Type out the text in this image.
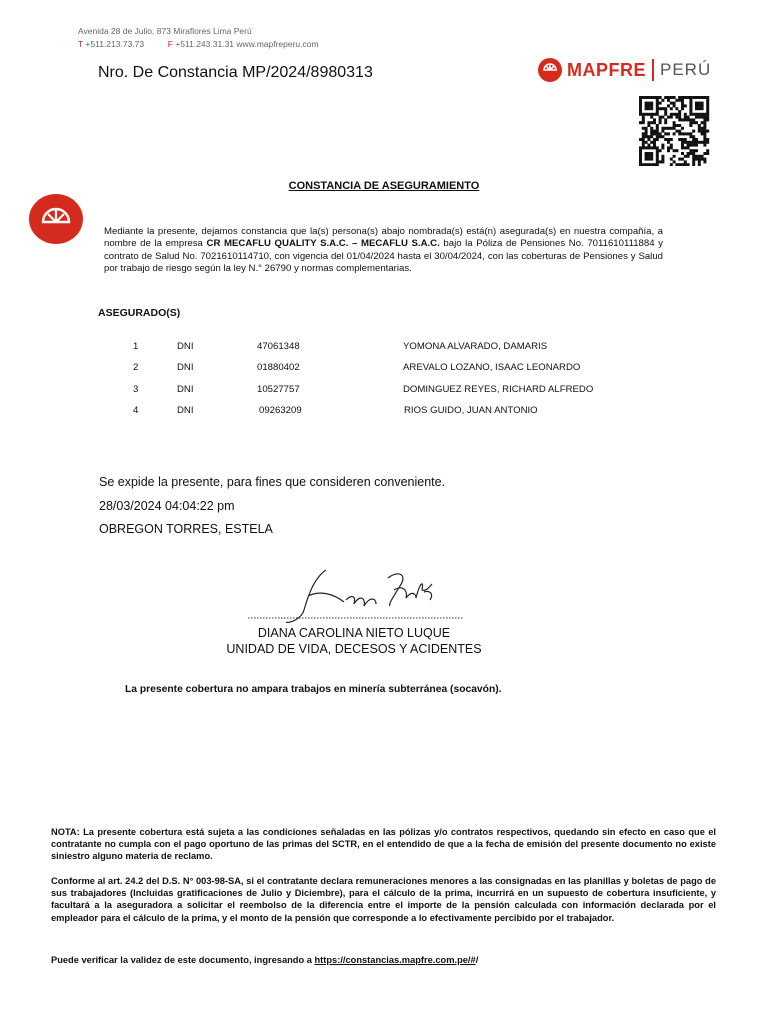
Avenida 28 de Julio, 873 Miraflores Lima Perú
T +511.213.73.73	F +511.243.31.31 www.mapfreperu.com
Nro. De Constancia MP/2024/8980313	MAPFRE PERÚ
CONSTANCIA DE ASEGURAMIENTO
Mediante la presente, dejamos constancia que la(s) persona(s) abajo nombrada(s) está(n) asegurada(s) en nuestra compañía, a nombre de la empresa CR MECAFLU QUALITY S.A.C. – MECAFLU S.A.C. bajo la Póliza de Pensiones No. 7011610111884 y contrato de Salud No. 7021610114710, con vigencia del 01/04/2024 hasta el 30/04/2024, con las coberturas de Pensiones y Salud por trabajo de riesgo según la ley N.° 26790 y normas complementarias.
ASEGURADO(S)
1	DNI	47061348	YOMONA ALVARADO, DAMARIS
2	DNI	01880402	AREVALO LOZANO, ISAAC LEONARDO
3	DNI	10527757	DOMINGUEZ REYES, RICHARD ALFREDO
4	DNI	09263209	RIOS GUIDO, JUAN ANTONIO
Se expide la presente, para fines que consideren conveniente.
28/03/2024 04:04:22 pm
OBREGON TORRES, ESTELA
DIANA CAROLINA NIETO LUQUE
UNIDAD DE VIDA, DECESOS Y ACIDENTES
La presente cobertura no ampara trabajos en minería subterránea (socavón).
NOTA: La presente cobertura está sujeta a las condiciones señaladas en las pólizas y/o contratos respectivos, quedando sin efecto en caso que el contratante no cumpla con el pago oportuno de las primas del SCTR, en el entendido de que a la fecha de emisión del presente documento no existe siniestro alguno materia de reclamo.
Conforme al art. 24.2 del D.S. N° 003-98-SA, si el contratante declara remuneraciones menores a las consignadas en las planillas y boletas de pago de sus trabajadores (Incluidas gratificaciones de Julio y Diciembre), para el cálculo de la prima, incurrirá en un supuesto de cobertura insuficiente, y facultará a la aseguradora a solicitar el reembolso de la diferencia entre el importe de la pensión calculada con información declarada por el empleador para el cálculo de la prima, y el monto de la pensión que corresponde a lo efectivamente percibido por el trabajador.
Puede verificar la validez de este documento, ingresando a https://constancias.mapfre.com.pe/#/
